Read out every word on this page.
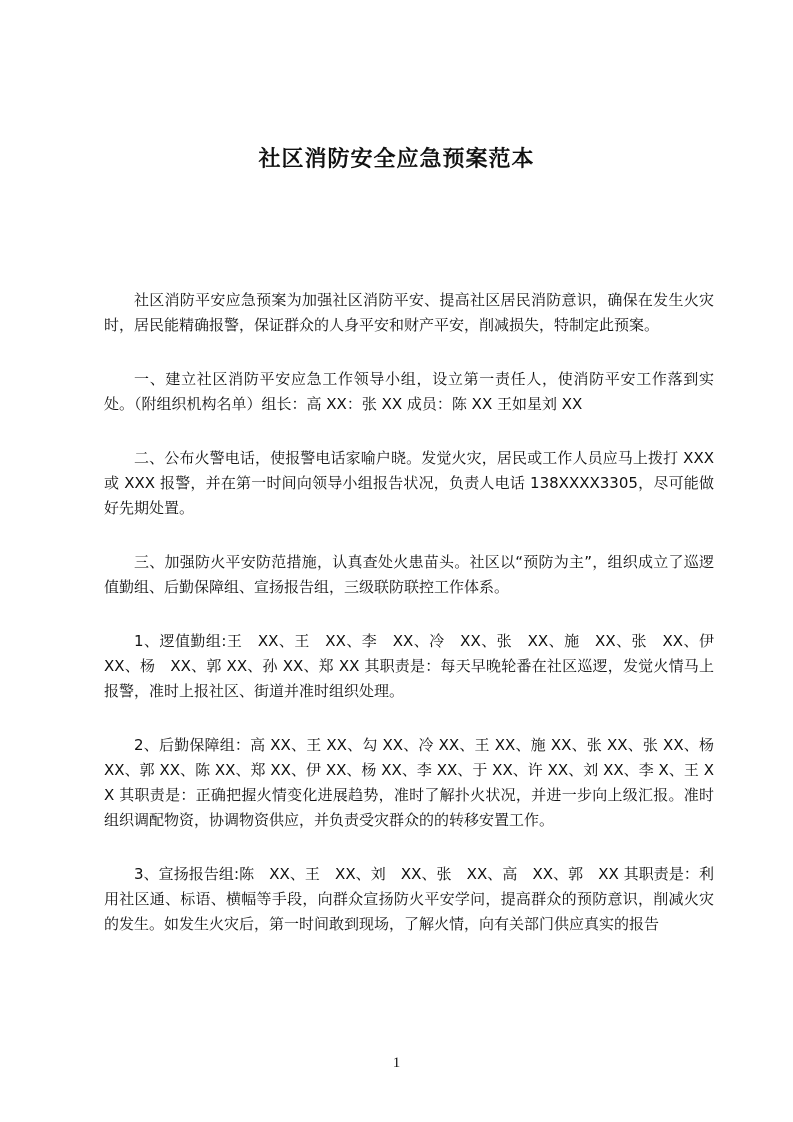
社区消防安全应急预案范本

社区消防平安应急预案为加强社区消防平安、提高社区居民消防意识，确保在发生火灾时，居民能精确报警，保证群众的人身平安和财产平安，削减损失，特制定此预案。

一、建立社区消防平安应急工作领导小组，设立第一责任人，使消防平安工作落到实处。（附组织机构名单）组长：高 XX：张 XX 成员：陈 XX 王如星刘 XX

二、公布火警电话，使报警电话家喻户晓。发觉火灾，居民或工作人员应马上拨打 XXX 或 XXX 报警，并在第一时间向领导小组报告状况，负责人电话 138XXXX3305，尽可能做好先期处置。

三、加强防火平安防范措施，认真查处火患苗头。社区以“预防为主”，组织成立了巡逻值勤组、后勤保障组、宣扬报告组，三级联防联控工作体系。

1、逻值勤组:王　XX、王　XX、李　XX、冷　XX、张　XX、施　XX、张　XX、伊　XX、杨　XX、郭 XX、孙 XX、郑 XX 其职责是：每天早晚轮番在社区巡逻，发觉火情马上报警，准时上报社区、街道并准时组织处理。

2、后勤保障组：高 XX、王 XX、勾 XX、冷 XX、王 XX、施 XX、张 XX、张 XX、杨 XX、郭 XX、陈 XX、郑 XX、伊 XX、杨 XX、李 XX、于 XX、许 XX、刘 XX、李 X、王 XX 其职责是：正确把握火情变化进展趋势，准时了解扑火状况，并进一步向上级汇报。准时组织调配物资，协调物资供应，并负责受灾群众的的转移安置工作。

3、宣扬报告组:陈　XX、王　XX、刘　XX、张　XX、高　XX、郭　XX 其职责是：利用社区通、标语、横幅等手段，向群众宣扬防火平安学问，提高群众的预防意识，削减火灾的发生。如发生火灾后，第一时间敢到现场，了解火情，向有关部门供应真实的报告

1
